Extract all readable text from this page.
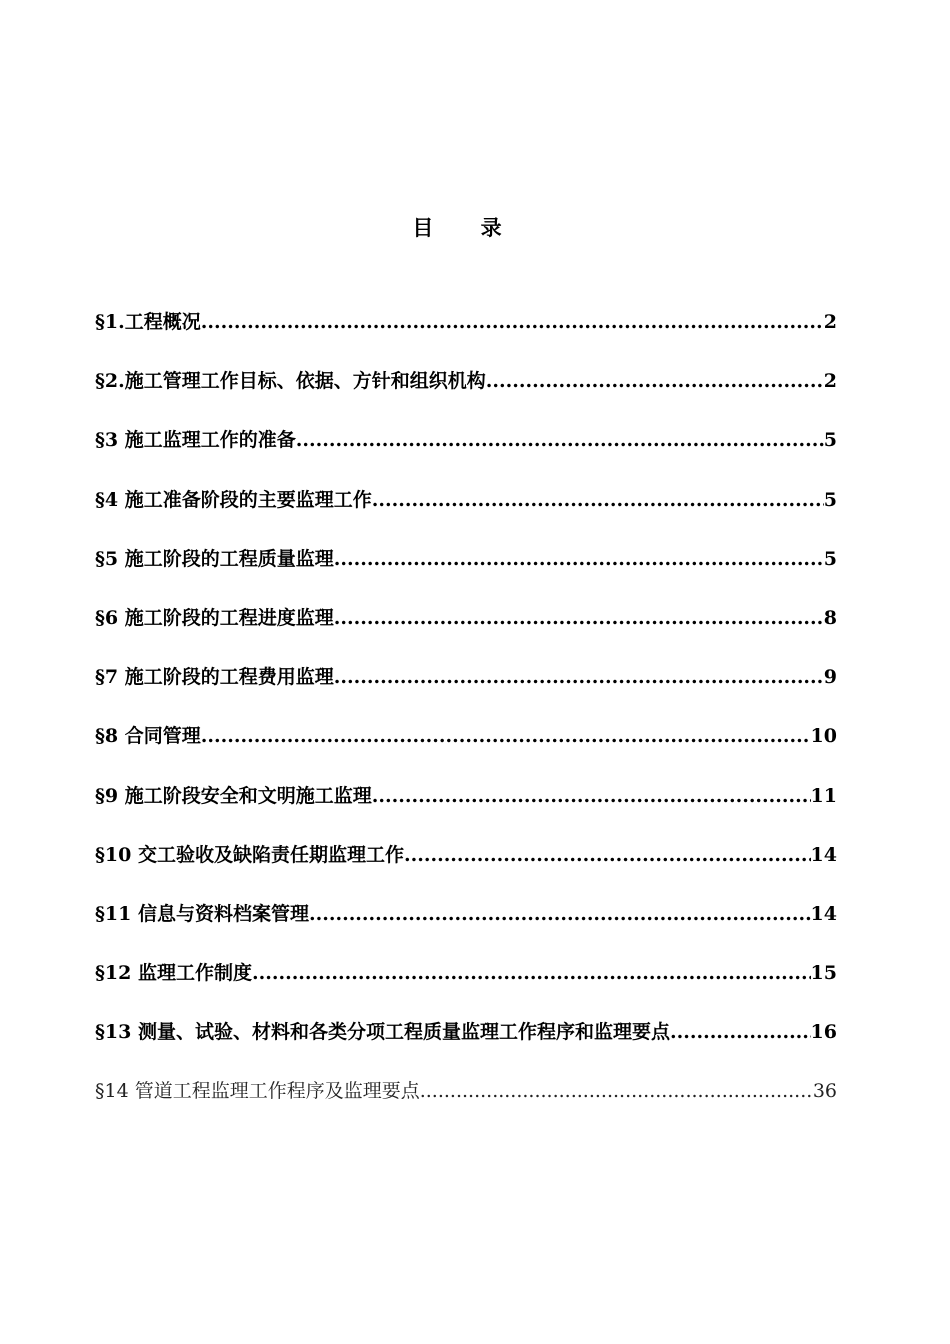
目 录
§1.工程概况 .....	2
§2.施工管理工作目标、依据、方针和组织机构 .....	2
§3 施工监理工作的准备 .....	5
§4 施工准备阶段的主要监理工作 .....	5
§5 施工阶段的工程质量监理 .....	5
§6 施工阶段的工程进度监理 .....	8
§7 施工阶段的工程费用监理 .....	9
§8 合同管理 .....	10
§9 施工阶段安全和文明施工监理 .....	11
§10 交工验收及缺陷责任期监理工作 .....	14
§11 信息与资料档案管理 .....	14
§12 监理工作制度 .....	15
§13 测量、试验、材料和各类分项工程质量监理工作程序和监理要点 .....	16
§14 管道工程监理工作程序及监理要点 .....	36
